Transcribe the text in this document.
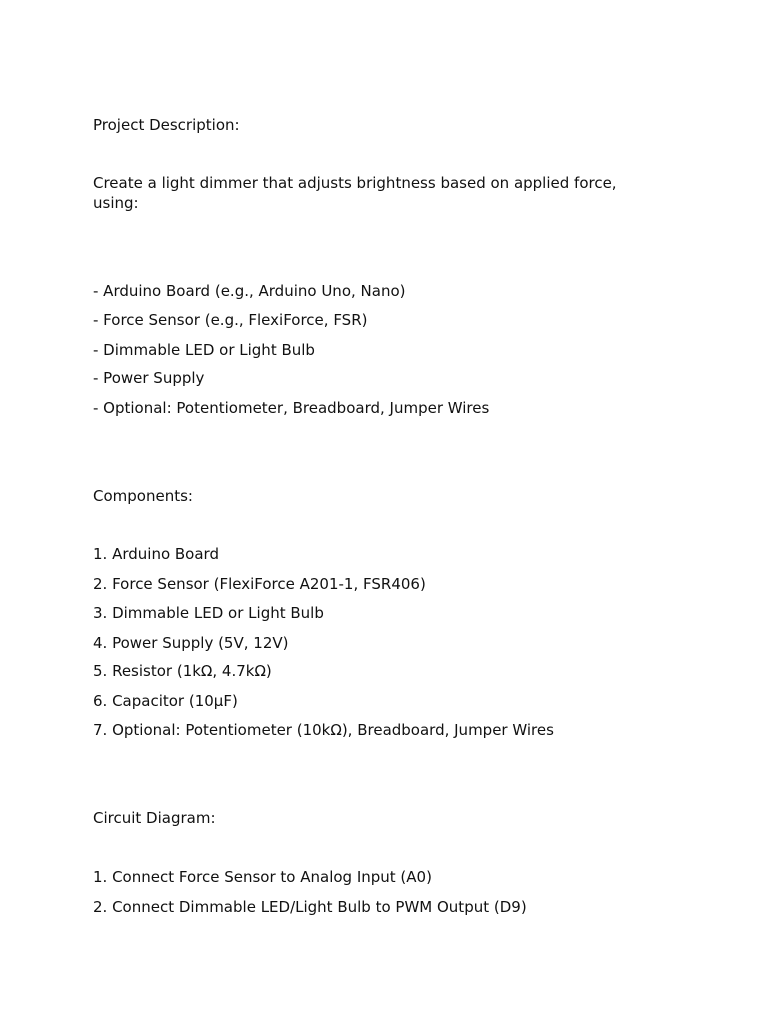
Project Description:
Create a light dimmer that adjusts brightness based on applied force, using:
- Arduino Board (e.g., Arduino Uno, Nano)
- Force Sensor (e.g., FlexiForce, FSR)
- Dimmable LED or Light Bulb
- Power Supply
- Optional: Potentiometer, Breadboard, Jumper Wires
Components:
1. Arduino Board
2. Force Sensor (FlexiForce A201-1, FSR406)
3. Dimmable LED or Light Bulb
4. Power Supply (5V, 12V)
5. Resistor (1kΩ, 4.7kΩ)
6. Capacitor (10µF)
7. Optional: Potentiometer (10kΩ), Breadboard, Jumper Wires
Circuit Diagram:
1. Connect Force Sensor to Analog Input (A0)
2. Connect Dimmable LED/Light Bulb to PWM Output (D9)
